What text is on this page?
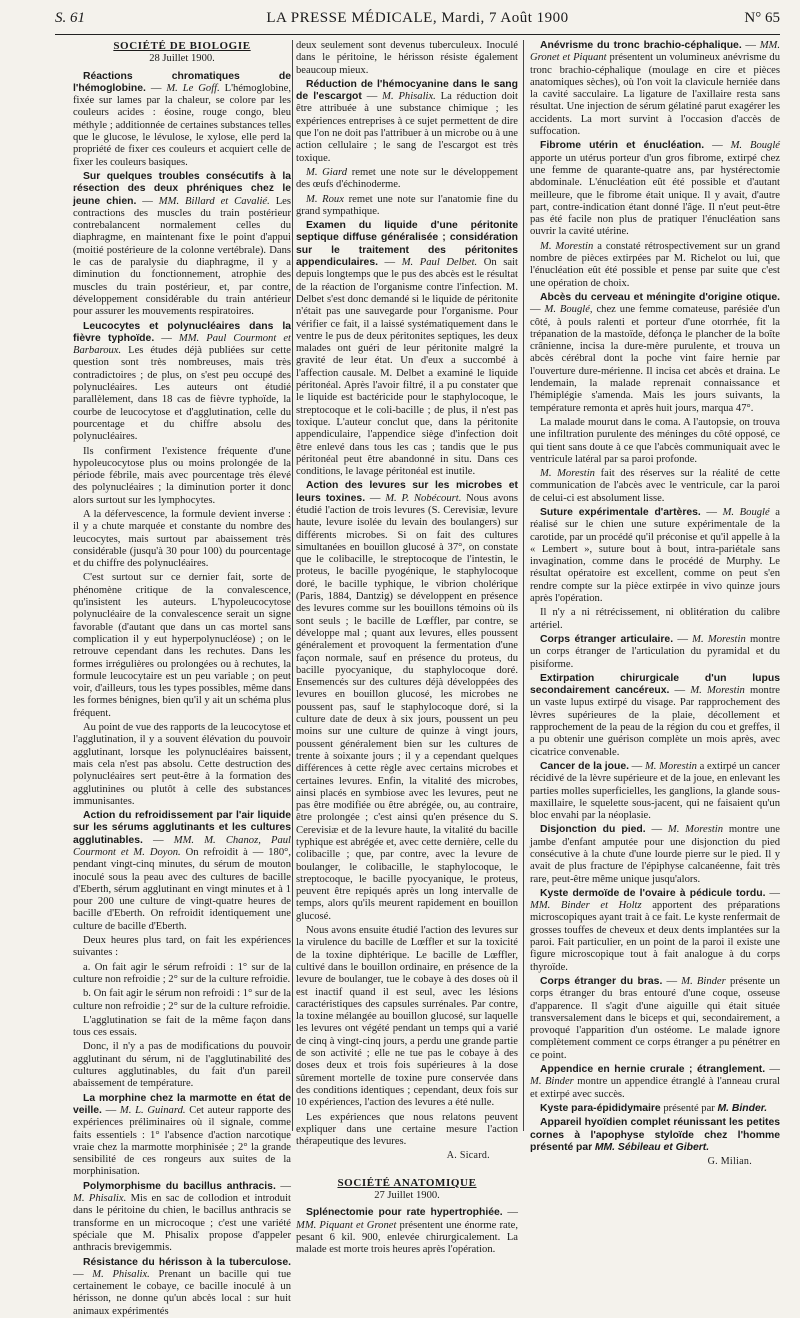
S. 61	LA PRESSE MÉDICALE, Mardi, 7 Août 1900	N° 65
SOCIÉTÉ DE BIOLOGIE
28 Juillet 1900.

Réactions chromatiques de l'hémoglobine. — M. Le Goff. L'hémoglobine, fixée sur lames par la chaleur, se colore par les couleurs acides : éosine, rouge congo, bleu méthyle ; additionnée de certaines substances telles que le glucose, le lévulose, le xylose, elle perd la propriété de fixer ces couleurs et acquiert celle de fixer les couleurs basiques.

Sur quelques troubles consécutifs à la résection des deux phréniques chez le jeune chien. — MM. Billard et Cavalié. Les contractions des muscles du train postérieur contrebalancent normalement celles du diaphragme, en maintenant fixe le point d'appui (moitié postérieure de la colonne vertébrale). Dans le cas de paralysie du diaphragme, il y a diminution du fonctionnement, atrophie des muscles du train postérieur, et, par contre, développement considérable du train antérieur pour assurer les mouvements respiratoires.

Leucocytes et polynucléaires dans la fièvre typhoïde. — MM. Paul Courmont et Barbaroux. Les études déjà publiées sur cette question sont très nombreuses, mais très contradictoires ; de plus, on s'est peu occupé des polynucléaires. Les auteurs ont étudié parallèlement, dans 18 cas de fièvre typhoïde, la courbe de leucocytose et d'agglutination, celle du pourcentage et du chiffre absolu des polynucléaires.

Ils confirment l'existence fréquente d'une hypoleucocytose plus ou moins prolongée de la période fébrile, mais avec pourcentage très élevé des polynucléaires ; la diminution porter it donc alors surtout sur les lymphocytes.

A la défervescence, la formule devient inverse : il y a chute marquée et constante du nombre des leucocytes, mais surtout par abaissement très considérable (jusqu'à 30 pour 100) du pourcentage et du chiffre des polynucléaires.

C'est surtout sur ce dernier fait, sorte de phénomène critique de la convalescence, qu'insistent les auteurs. L'hypoleucocytose polynucléaire de la convalescence serait un signe favorable (d'autant que dans un cas mortel sans complication il y eut hyperpolynucléose) ; on le retrouve cependant dans les rechutes. Dans les formes irrégulières ou prolongées ou à rechutes, la formule leucocytaire est un peu variable ; on peut voir, d'ailleurs, tous les types possibles, même dans les formes bénignes, bien qu'il y ait un schéma plus fréquent.

Au point de vue des rapports de la leucocytose et l'agglutination, il y a souvent élévation du pouvoir agglutinant, lorsque les polynucléaires baissent, mais cela n'est pas absolu. Cette destruction des polynucléaires sert peut-être à la formation des agglutinines ou plutôt à celle des substances immunisantes.

Action du refroidissement par l'air liquide sur les sérums agglutinants et les cultures agglutinables. — MM. M. Chanoz, Paul Courmont et M. Doyon. On refroidit à — 180°, pendant vingt-cinq minutes, du sérum de mouton inoculé sous la peau avec des cultures de bacille d'Eberth, sérum agglutinant en vingt minutes et à 1 pour 200 une culture de vingt-quatre heures de bacille d'Eberth. On refroidit identiquement une culture de bacille d'Eberth.

Deux heures plus tard, on fait les expériences suivantes :

a. On fait agir le sérum refroidi : 1° sur de la culture non refroidie ; 2° sur de la culture refroidie.

b. On fait agir le sérum non refroidi : 1° sur de la culture non refroidie ; 2° sur de la culture refroidie.

L'agglutination se fait de la même façon dans tous ces essais.

Donc, il n'y a pas de modifications du pouvoir agglutinant du sérum, ni de l'agglutinabilité des cultures agglutinables, du fait d'un pareil abaissement de température.

La morphine chez la marmotte en état de veille. — M. L. Guinard. Cet auteur rapporte des expériences préliminaires où il signale, comme faits essentiels : 1° l'absence d'action narcotique vraie chez la marmotte morphinisée ; 2° la grande sensibilité de ces rongeurs aux suites de la morphinisation.

Polymorphisme du bacillus anthracis. — M. Phisalix. Mis en sac de collodion et introduit dans le péritoine du chien, le bacillus anthracis se transforme en un microcoque ; c'est une variété spéciale que M. Phisalix propose d'appeler anthracis brevigemmis.

Résistance du hérisson à la tuberculose. — M. Phisalix. Prenant un bacille qui tue certainement le cobaye, ce bacille inoculé à un hérisson, ne donne qu'un abcès local : sur huit animaux expérimentés

deux seulement sont devenus tuberculeux. Inoculé dans le péritoine, le hérisson résiste également beaucoup mieux.

Réduction de l'hémocyanine dans le sang de l'escargot — M. Phisalix. La réduction doit être attribuée à une substance chimique ; les expériences entreprises à ce sujet permettent de dire que l'on ne doit pas l'attribuer à un microbe ou à une action cellulaire ; le sang de l'escargot est très toxique.

M. Giard remet une note sur le développement des œufs d'échinoderme.

M. Roux remet une note sur l'anatomie fine du grand sympathique.

Examen du liquide d'une péritonite septique diffuse généralisée ; considération sur le traitement des péritonites appendiculaires. — M. Paul Delbet. On sait depuis longtemps que le pus des abcès est le résultat de la réaction de l'organisme contre l'infection. M. Delbet s'est donc demandé si le liquide de péritonite n'était pas une sauvegarde pour l'organisme. Pour vérifier ce fait, il a laissé systématiquement dans le ventre le pus de deux péritonites septiques, les deux malades ont guéri de leur péritonite malgré la gravité de leur état. Un d'eux a succombé à l'affection causale. M. Delbet a examiné le liquide péritonéal. Après l'avoir filtré, il a pu constater que le liquide est bactéricide pour le staphylocoque, le streptocoque et le coli-bacille ; de plus, il n'est pas toxique. L'auteur conclut que, dans la péritonite appendiculaire, l'appendice siège d'infection doit être enlevé dans tous les cas ; tandis que le pus péritonéal peut être abandonné in situ. Dans ces conditions, le lavage péritonéal est inutile.

Action des levures sur les microbes et leurs toxines. — M. P. Nobécourt. Nous avons étudié l'action de trois levures (S. Cerevisiæ, levure haute, levure isolée du levain des boulangers) sur différents microbes. Si on fait des cultures simultanées en bouillon glucosé à 37°, on constate que le colibacille, le streptocoque de l'intestin, le proteus, le bacille pyogénique, le staphylocoque doré, le bacille typhique, le vibrion cholérique (Paris, 1884, Dantzig) se développent en présence des levures comme sur les bouillons témoins où ils sont seuls ; le bacille de Lœffler, par contre, se développe mal ; quant aux levures, elles poussent généralement et provoquent la fermentation d'une façon normale, sauf en présence du proteus, du bacille pyocyanique, du staphylocoque doré. Ensemencés sur des cultures déjà développées des levures en bouillon glucosé, les microbes ne poussent pas, sauf le staphylocoque doré, si la culture date de deux à six jours, poussent un peu moins sur une culture de quinze à vingt jours, poussent généralement bien sur les cultures de trente à soixante jours ; il y a cependant quelques différences à cette règle avec certains microbes et certaines levures. Enfin, la vitalité des microbes, ainsi placés en symbiose avec les levures, peut ne pas être modifiée ou être abrégée, ou, au contraire, être prolongée ; c'est ainsi qu'en présence du S. Cerevisiæ et de la levure haute, la vitalité du bacille typhique est abrégée et, avec cette dernière, celle du colibacille ; que, par contre, avec la levure de boulanger, le colibacille, le staphylocoque, le streptocoque, le bacille pyocyanique, le proteus, peuvent être repiqués après un long intervalle de temps, alors qu'ils meurent rapidement en bouillon glucosé.

Nous avons ensuite étudié l'action des levures sur la virulence du bacille de Lœffler et sur la toxicité de la toxine diphtérique. Le bacille de Lœffler, cultivé dans le bouillon ordinaire, en présence de la levure de boulanger, tue le cobaye à des doses où il est inactif quand il est seul, avec les lésions caractéristiques des capsules surrénales. Par contre, la toxine mélangée au bouillon glucosé, sur laquelle les levures ont végété pendant un temps qui a varié de cinq à vingt-cinq jours, a perdu une grande partie de son activité ; elle ne tue pas le cobaye à des doses deux et trois fois supérieures à la dose sûrement mortelle de toxine pure conservée dans des conditions identiques ; cependant, deux fois sur 10 expériences, l'action des levures a été nulle.

Les expériences que nous relatons peuvent expliquer dans une certaine mesure l'action thérapeutique des levures.

A. Sicard.
SOCIÉTÉ ANATOMIQUE
27 Juillet 1900.

Splénectomie pour rate hypertrophiée. — MM. Piquant et Gronet présentent une énorme rate, pesant 6 kil. 900, enlevée chirurgicalement. La malade est morte trois heures après l'opération.

Anévrisme du tronc brachio-céphalique. — MM. Gronet et Piquant présentent un volumineux anévrisme du tronc brachio-céphalique (moulage en cire et pièces anatomiques sèches), où l'on voit la clavicule herniée dans la cavité sacculaire. La ligature de l'axillaire resta sans résultat. Une injection de sérum gélatiné parut exagérer les accidents. La mort survint à l'occasion d'accès de suffocation.

Fibrome utérin et énucléation. — M. Bouglé apporte un utérus porteur d'un gros fibrome, extirpé chez une femme de quarante-quatre ans, par hystérectomie abdominale. L'énucléation eût été possible et d'autant meilleure, que le fibrome était unique. Il y avait, d'autre part, contre-indication étant donné l'âge. Il n'eut peut-être pas été facile non plus de pratiquer l'énucléation sans ouvrir la cavité utérine.

M. Morestin a constaté rétrospectivement sur un grand nombre de pièces extirpées par M. Richelot ou lui, que l'énucléation eût été possible et pense par suite que c'est une opération de choix.

Abcès du cerveau et méningite d'origine otique. — M. Bouglé, chez une femme comateuse, parésiée d'un côté, à pouls ralenti et porteur d'une otorrhée, fit la trépanation de la mastoïde, défonça le plancher de la boîte crânienne, incisa la dure-mère purulente, et trouva un abcès cérébral dont la poche vint faire hernie par l'ouverture dure-mérienne. Il incisa cet abcès et draina. Le lendemain, la malade reprenait connaissance et l'hémiplégie s'amenda. Mais les jours suivants, la température remonta et après huit jours, marqua 47°.

La malade mourut dans le coma. A l'autopsie, on trouva une infiltration purulente des méninges du côté opposé, ce qui tient sans doute à ce que l'abcès communiquait avec le ventricule latéral par sa paroi profonde.

M. Morestin fait des réserves sur la réalité de cette communication de l'abcès avec le ventricule, car la paroi de celui-ci est absolument lisse.

Suture expérimentale d'artères. — M. Bouglé a réalisé sur le chien une suture expérimentale de la carotide, par un procédé qu'il préconise et qu'il appelle à la « Lembert », suture bout à bout, intra-pariétale sans invagination, comme dans le procédé de Murphy. Le résultat opératoire est excellent, comme on peut s'en rendre compte sur la pièce extirpée in vivo quinze jours après l'opération.

Il n'y a ni rétrécissement, ni oblitération du calibre artériel.

Corps étranger articulaire. — M. Morestin montre un corps étranger de l'articulation du pyramidal et du pisiforme.

Extirpation chirurgicale d'un lupus secondairement cancéreux. — M. Morestin montre un vaste lupus extirpé du visage. Par rapprochement des lèvres supérieures de la plaie, décollement et rapprochement de la peau de la région du cou et greffes, il a pu obtenir une guérison complète un mois après, avec cicatrice convenable.

Cancer de la joue. — M. Morestin a extirpé un cancer récidivé de la lèvre supérieure et de la joue, en enlevant les parties molles superficielles, les ganglions, la glande sous-maxillaire, le squelette sous-jacent, qui ne faisaient qu'un bloc envahi par la néoplasie.

Disjonction du pied. — M. Morestin montre une jambe d'enfant amputée pour une disjonction du pied consécutive à la chute d'une lourde pierre sur le pied. Il y avait de plus fracture de l'épiphyse calcanéenne, fait très rare, peut-être même unique jusqu'alors.

Kyste dermoïde de l'ovaire à pédicule tordu. — MM. Binder et Holtz apportent des préparations microscopiques ayant trait à ce fait. Le kyste renfermait de grosses touffes de cheveux et deux dents implantées sur la paroi. Fait particulier, en un point de la paroi il existe une figure microscopique tout à fait analogue à du corps thyroïde.

Corps étranger du bras. — M. Binder présente un corps étranger du bras entouré d'une coque, osseuse d'apparence. Il s'agit d'une aiguille qui était située transversalement dans le biceps et qui, secondairement, a provoqué l'apparition d'un ostéome. Le malade ignore complètement comment ce corps étranger a pu pénétrer en ce point.

Appendice en hernie crurale ; étranglement. — M. Binder montre un appendice étranglé à l'anneau crural et extirpé avec succès.

Kyste para-épididymaire présenté par M. Binder.

Appareil hyoïdien complet réunissant les petites cornes à l'apophyse styloïde chez l'homme présenté par MM. Sébileau et Gibert.

G. Milian.
